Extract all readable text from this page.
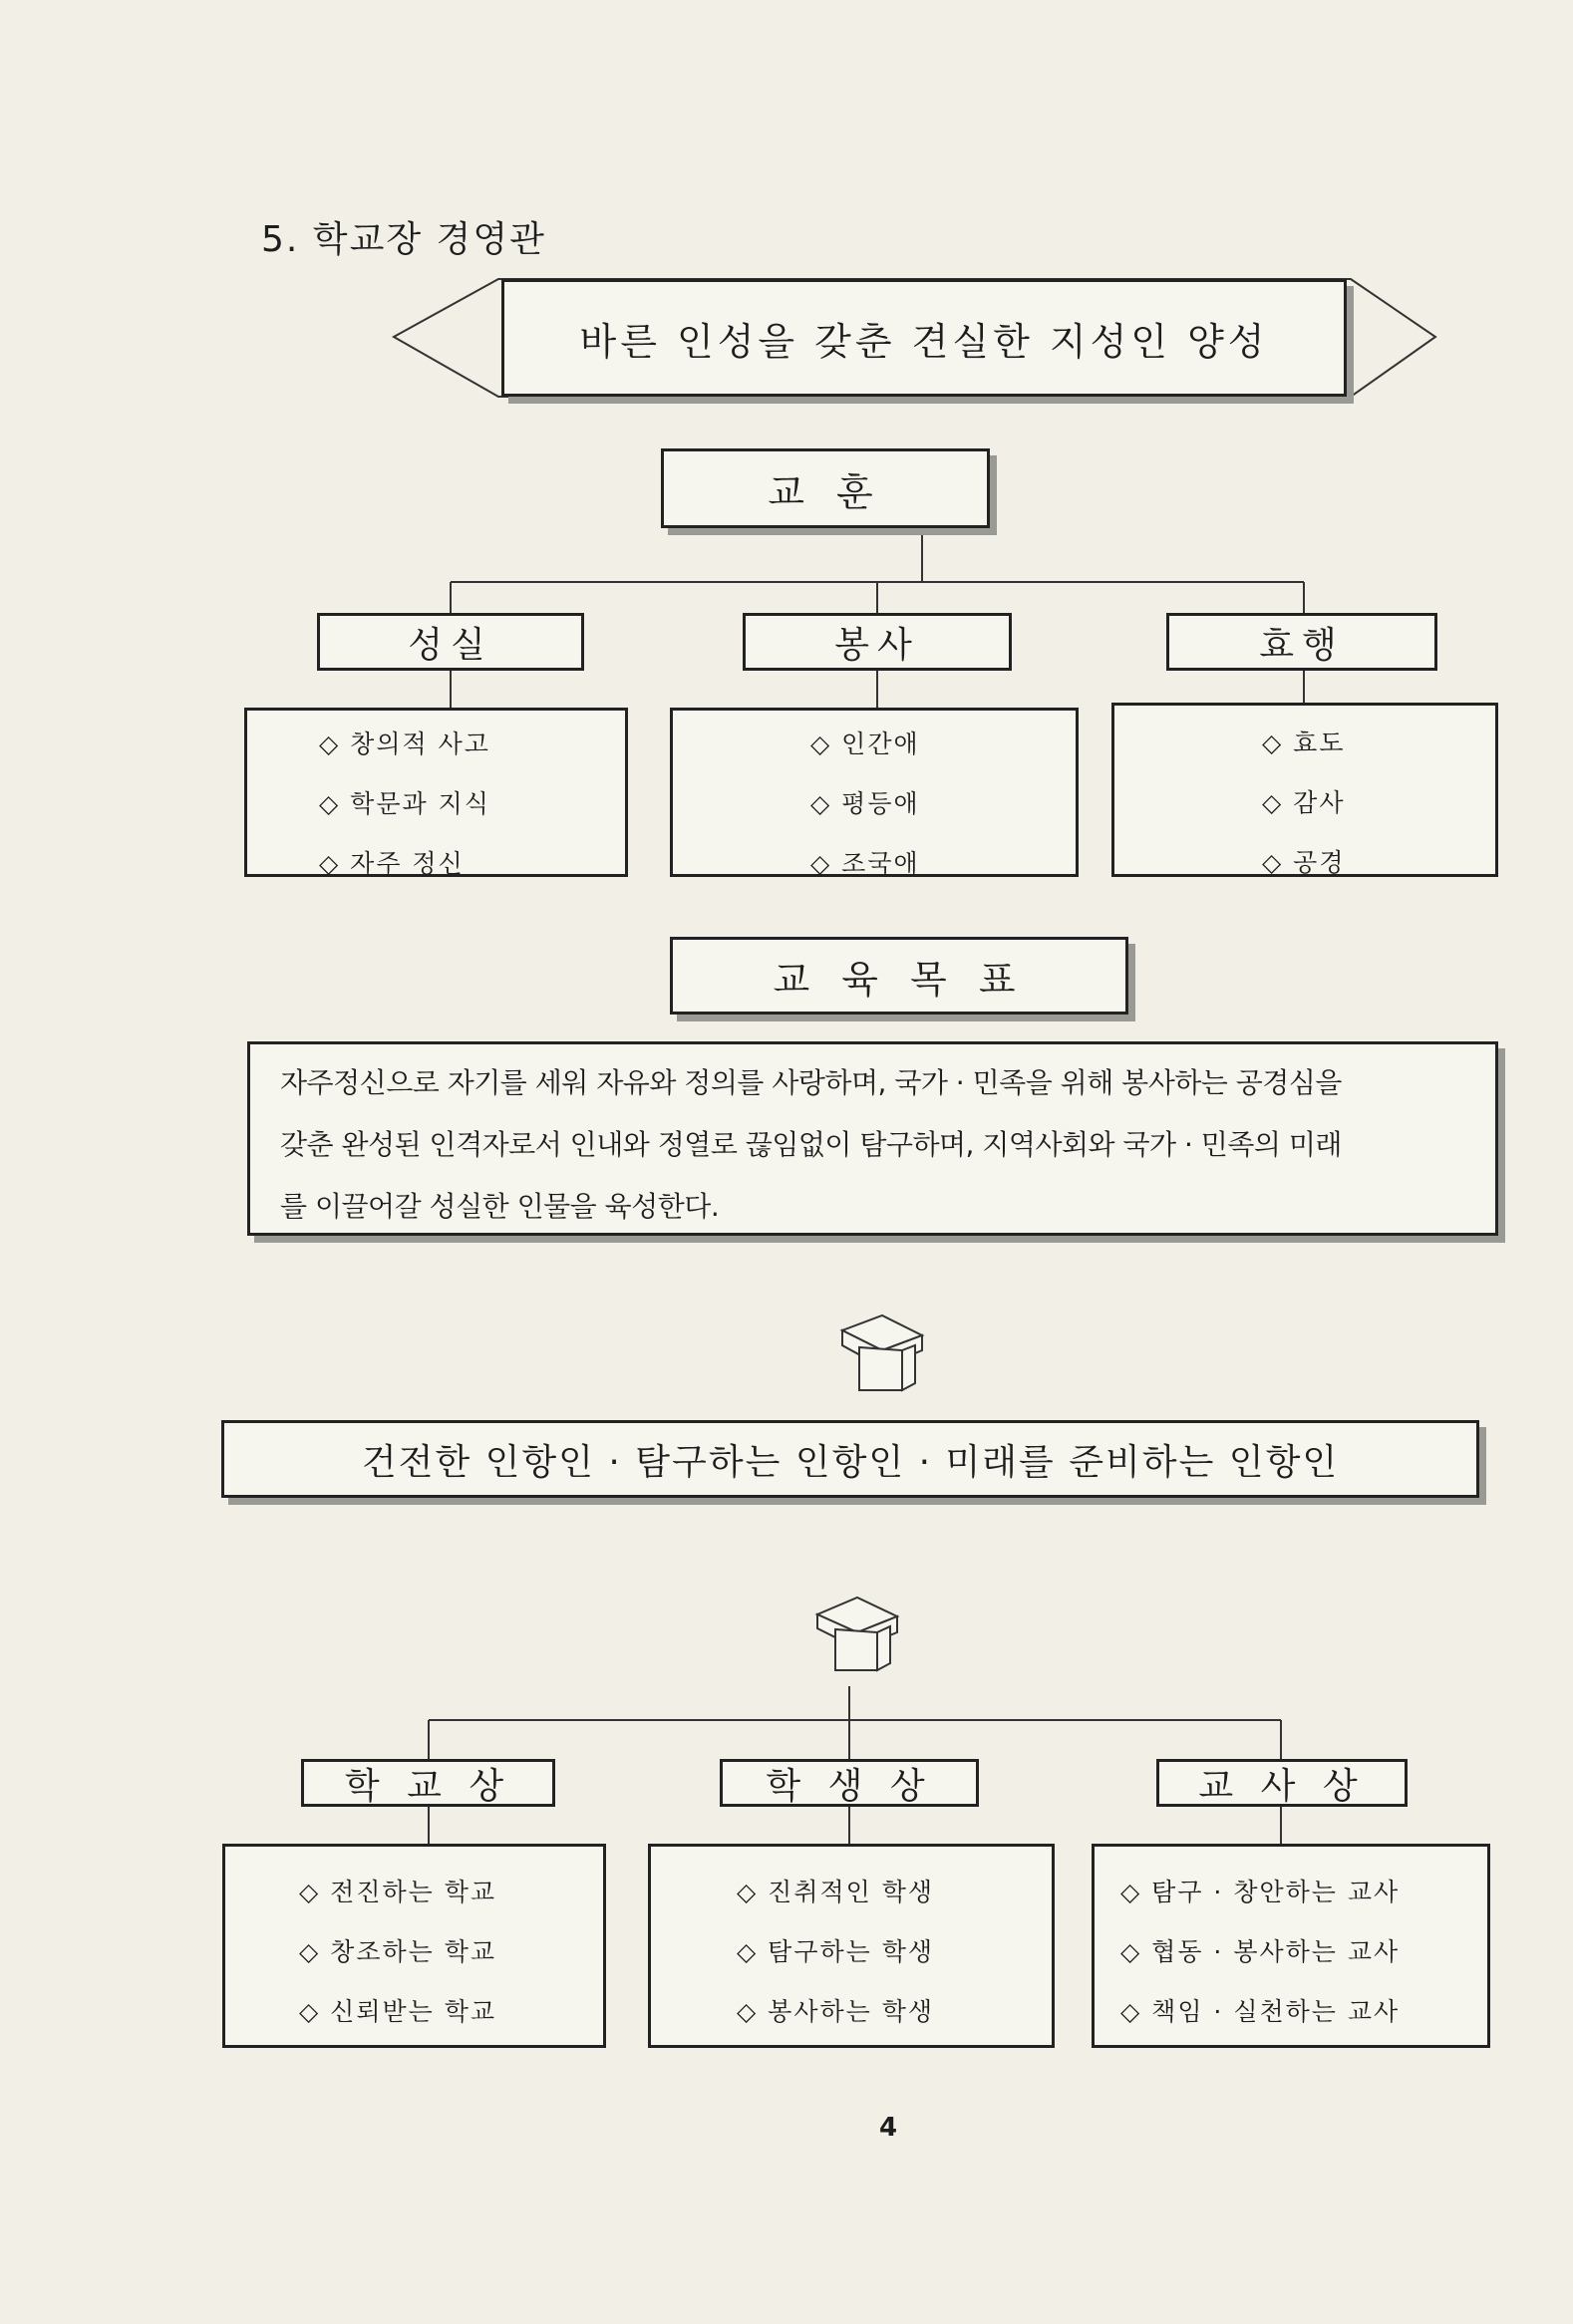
5. 학교장 경영관
바른 인성을 갖춘 견실한 지성인 양성
교 훈
성실	봉사	효행
◇ 창의적 사고
◇ 학문과 지식
◇ 자주 정신
◇ 인간애
◇ 평등애
◇ 조국애
◇ 효도
◇ 감사
◇ 공경
교 육 목 표
자주정신으로 자기를 세워 자유와 정의를 사랑하며, 국가 · 민족을 위해 봉사하는 공경심을
갖춘 완성된 인격자로서 인내와 정열로 끊임없이 탐구하며, 지역사회와 국가 · 민족의 미래
를 이끌어갈 성실한 인물을 육성한다.
건전한 인항인 · 탐구하는 인항인 · 미래를 준비하는 인항인
학 교 상	학 생 상	교 사 상
◇ 전진하는 학교
◇ 창조하는 학교
◇ 신뢰받는 학교
◇ 진취적인 학생
◇ 탐구하는 학생
◇ 봉사하는 학생
◇ 탐구 · 창안하는 교사
◇ 협동 · 봉사하는 교사
◇ 책임 · 실천하는 교사
4
